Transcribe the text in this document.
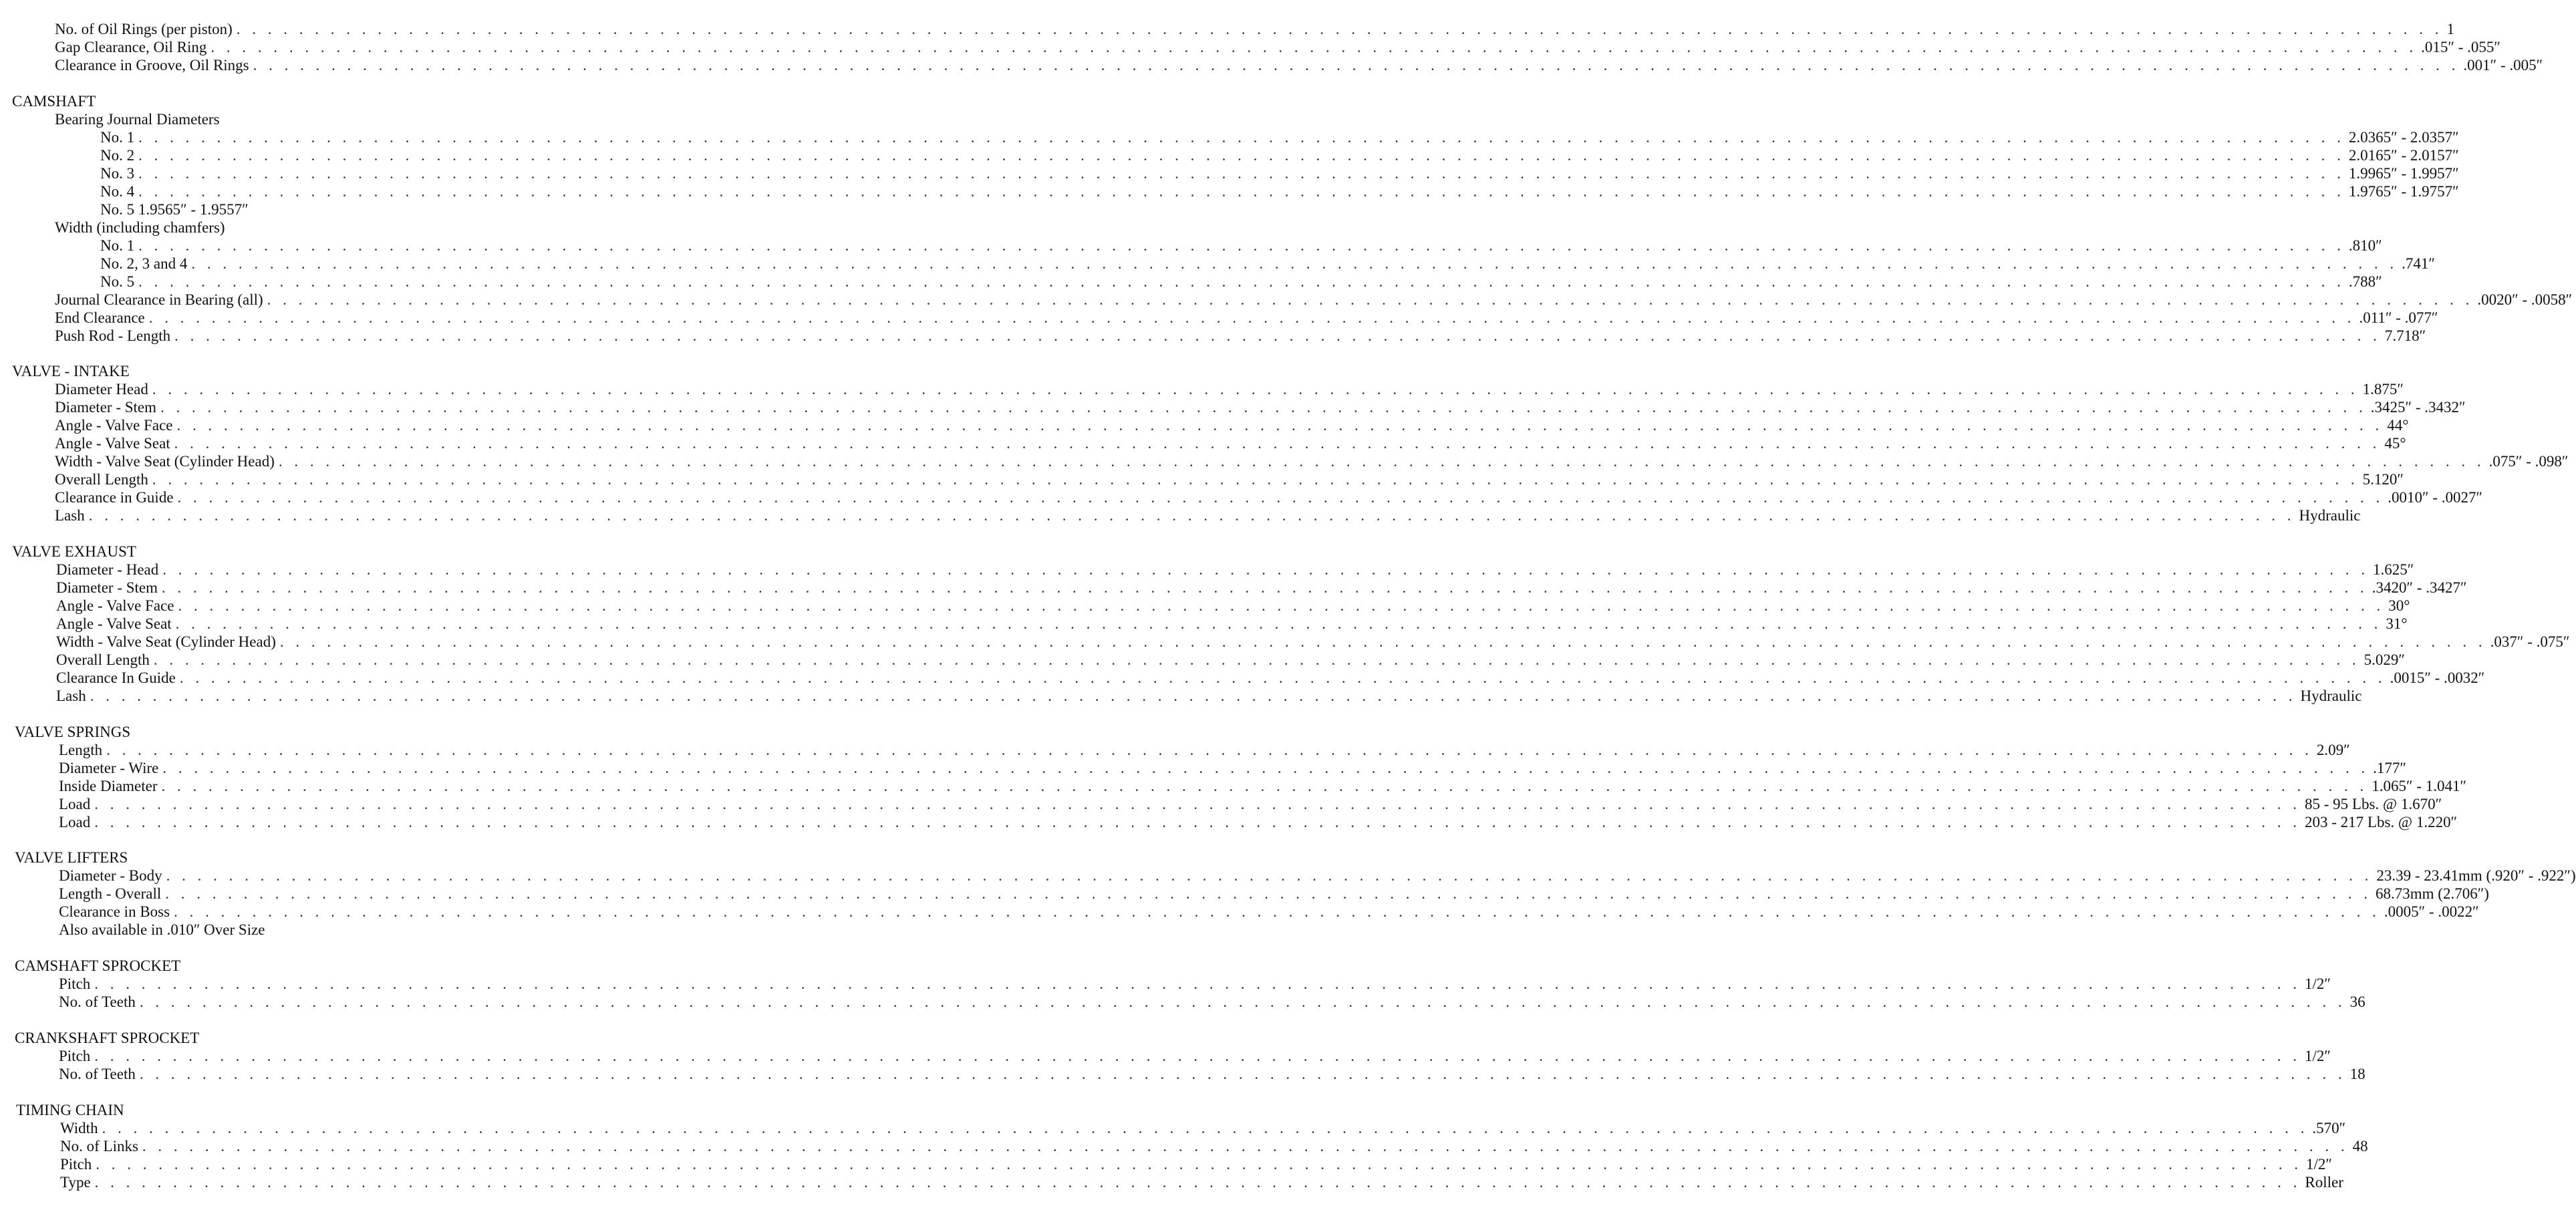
No. of Oil Rings (per piston) . . . . . . . . . . . . . . . . . . . . . . . . . . . . . . . . . . . . . . . . . . . . . . . . . . . . . . . . . . . . . . . . . . . . . . . . . . . . . . . . . . . . . . . . . . . . . . . . . . . . . . . . . . . . . . . . . . . . . . . . . . . . . . . . . . . . . . . . . . . . . 1
Gap Clearance, Oil Ring . . . . . . . . . . . . . . . . . . . . . . . . . . . . . . . . . . . . . . . . . . . . . . . . . . . . . . . . . . . . . . . . . . . . . . . . . . . . . . . . . . . . . . . . . . . . . . . . . . . . . . . . . . . . . . . . . . . . . . . . . . . . . . . . . . . . . . . . . . . . . .015″ - .055″
Clearance in Groove, Oil Rings . . . . . . . . . . . . . . . . . . . . . . . . . . . . . . . . . . . . . . . . . . . . . . . . . . . . . . . . . . . . . . . . . . . . . . . . . . . . . . . . . . . . . . . . . . . . . . . . . . . . . . . . . . . . . . . . . . . . . . . . . . . . . . . . . . . . . . . . . . . . . .001″ - .005″
CAMSHAFT
Bearing Journal Diameters
No. 1 . . . . . . . . . . . . . . . . . . . . . . . . . . . . . . . . . . . . . . . . . . . . . . . . . . . . . . . . . . . . . . . . . . . . . . . . . . . . . . . . . . . . . . . . . . . . . . . . . . . . . . . . . . . . . . . . . . . . . . . . . . . . . . . . . . . . . . . . . . . . . 2.0365″ - 2.0357″
No. 2 . . . . . . . . . . . . . . . . . . . . . . . . . . . . . . . . . . . . . . . . . . . . . . . . . . . . . . . . . . . . . . . . . . . . . . . . . . . . . . . . . . . . . . . . . . . . . . . . . . . . . . . . . . . . . . . . . . . . . . . . . . . . . . . . . . . . . . . . . . . . . 2.0165″ - 2.0157″
No. 3 . . . . . . . . . . . . . . . . . . . . . . . . . . . . . . . . . . . . . . . . . . . . . . . . . . . . . . . . . . . . . . . . . . . . . . . . . . . . . . . . . . . . . . . . . . . . . . . . . . . . . . . . . . . . . . . . . . . . . . . . . . . . . . . . . . . . . . . . . . . . . 1.9965″ - 1.9957″
No. 4 . . . . . . . . . . . . . . . . . . . . . . . . . . . . . . . . . . . . . . . . . . . . . . . . . . . . . . . . . . . . . . . . . . . . . . . . . . . . . . . . . . . . . . . . . . . . . . . . . . . . . . . . . . . . . . . . . . . . . . . . . . . . . . . . . . . . . . . . . . . . . 1.9765″ - 1.9757″
No. 5 1.9565″ - 1.9557″
Width (including chamfers)
No. 1 . . . . . . . . . . . . . . . . . . . . . . . . . . . . . . . . . . . . . . . . . . . . . . . . . . . . . . . . . . . . . . . . . . . . . . . . . . . . . . . . . . . . . . . . . . . . . . . . . . . . . . . . . . . . . . . . . . . . . . . . . . . . . . . . . . . . . . . . . . . . . .810″
No. 2, 3 and 4 . . . . . . . . . . . . . . . . . . . . . . . . . . . . . . . . . . . . . . . . . . . . . . . . . . . . . . . . . . . . . . . . . . . . . . . . . . . . . . . . . . . . . . . . . . . . . . . . . . . . . . . . . . . . . . . . . . . . . . . . . . . . . . . . . . . . . . . . . . . . . .741″
No. 5 . . . . . . . . . . . . . . . . . . . . . . . . . . . . . . . . . . . . . . . . . . . . . . . . . . . . . . . . . . . . . . . . . . . . . . . . . . . . . . . . . . . . . . . . . . . . . . . . . . . . . . . . . . . . . . . . . . . . . . . . . . . . . . . . . . . . . . . . . . . . . .788″
Journal Clearance in Bearing (all) . . . . . . . . . . . . . . . . . . . . . . . . . . . . . . . . . . . . . . . . . . . . . . . . . . . . . . . . . . . . . . . . . . . . . . . . . . . . . . . . . . . . . . . . . . . . . . . . . . . . . . . . . . . . . . . . . . . . . . . . . . . . . . . . . . . . . . . . . . . . . .0020″ - .0058″
End Clearance . . . . . . . . . . . . . . . . . . . . . . . . . . . . . . . . . . . . . . . . . . . . . . . . . . . . . . . . . . . . . . . . . . . . . . . . . . . . . . . . . . . . . . . . . . . . . . . . . . . . . . . . . . . . . . . . . . . . . . . . . . . . . . . . . . . . . . . . . . . . . .011″ - .077″
Push Rod - Length . . . . . . . . . . . . . . . . . . . . . . . . . . . . . . . . . . . . . . . . . . . . . . . . . . . . . . . . . . . . . . . . . . . . . . . . . . . . . . . . . . . . . . . . . . . . . . . . . . . . . . . . . . . . . . . . . . . . . . . . . . . . . . . . . . . . . . . . . . . . . 7.718″
VALVE - INTAKE
Diameter Head . . . . . . . . . . . . . . . . . . . . . . . . . . . . . . . . . . . . . . . . . . . . . . . . . . . . . . . . . . . . . . . . . . . . . . . . . . . . . . . . . . . . . . . . . . . . . . . . . . . . . . . . . . . . . . . . . . . . . . . . . . . . . . . . . . . . . . . . . . . . . 1.875″
Diameter - Stem . . . . . . . . . . . . . . . . . . . . . . . . . . . . . . . . . . . . . . . . . . . . . . . . . . . . . . . . . . . . . . . . . . . . . . . . . . . . . . . . . . . . . . . . . . . . . . . . . . . . . . . . . . . . . . . . . . . . . . . . . . . . . . . . . . . . . . . . . . . . . .3425″ - .3432″
Angle - Valve Face . . . . . . . . . . . . . . . . . . . . . . . . . . . . . . . . . . . . . . . . . . . . . . . . . . . . . . . . . . . . . . . . . . . . . . . . . . . . . . . . . . . . . . . . . . . . . . . . . . . . . . . . . . . . . . . . . . . . . . . . . . . . . . . . . . . . . . . . . . . . . 44°
Angle - Valve Seat . . . . . . . . . . . . . . . . . . . . . . . . . . . . . . . . . . . . . . . . . . . . . . . . . . . . . . . . . . . . . . . . . . . . . . . . . . . . . . . . . . . . . . . . . . . . . . . . . . . . . . . . . . . . . . . . . . . . . . . . . . . . . . . . . . . . . . . . . . . . . 45°
Width - Valve Seat (Cylinder Head) . . . . . . . . . . . . . . . . . . . . . . . . . . . . . . . . . . . . . . . . . . . . . . . . . . . . . . . . . . . . . . . . . . . . . . . . . . . . . . . . . . . . . . . . . . . . . . . . . . . . . . . . . . . . . . . . . . . . . . . . . . . . . . . . . . . . . . . . . . . . . .075″ - .098″
Overall Length . . . . . . . . . . . . . . . . . . . . . . . . . . . . . . . . . . . . . . . . . . . . . . . . . . . . . . . . . . . . . . . . . . . . . . . . . . . . . . . . . . . . . . . . . . . . . . . . . . . . . . . . . . . . . . . . . . . . . . . . . . . . . . . . . . . . . . . . . . . . . 5.120″
Clearance in Guide . . . . . . . . . . . . . . . . . . . . . . . . . . . . . . . . . . . . . . . . . . . . . . . . . . . . . . . . . . . . . . . . . . . . . . . . . . . . . . . . . . . . . . . . . . . . . . . . . . . . . . . . . . . . . . . . . . . . . . . . . . . . . . . . . . . . . . . . . . . . . .0010″ - .0027″
Lash . . . . . . . . . . . . . . . . . . . . . . . . . . . . . . . . . . . . . . . . . . . . . . . . . . . . . . . . . . . . . . . . . . . . . . . . . . . . . . . . . . . . . . . . . . . . . . . . . . . . . . . . . . . . . . . . . . . . . . . . . . . . . . . . . . . . . . . . . . . . . Hydraulic
VALVE EXHAUST
Diameter - Head . . . . . . . . . . . . . . . . . . . . . . . . . . . . . . . . . . . . . . . . . . . . . . . . . . . . . . . . . . . . . . . . . . . . . . . . . . . . . . . . . . . . . . . . . . . . . . . . . . . . . . . . . . . . . . . . . . . . . . . . . . . . . . . . . . . . . . . . . . . . . 1.625″
Diameter - Stem . . . . . . . . . . . . . . . . . . . . . . . . . . . . . . . . . . . . . . . . . . . . . . . . . . . . . . . . . . . . . . . . . . . . . . . . . . . . . . . . . . . . . . . . . . . . . . . . . . . . . . . . . . . . . . . . . . . . . . . . . . . . . . . . . . . . . . . . . . . . . .3420″ - .3427″
Angle - Valve Face . . . . . . . . . . . . . . . . . . . . . . . . . . . . . . . . . . . . . . . . . . . . . . . . . . . . . . . . . . . . . . . . . . . . . . . . . . . . . . . . . . . . . . . . . . . . . . . . . . . . . . . . . . . . . . . . . . . . . . . . . . . . . . . . . . . . . . . . . . . . . 30°
Angle - Valve Seat . . . . . . . . . . . . . . . . . . . . . . . . . . . . . . . . . . . . . . . . . . . . . . . . . . . . . . . . . . . . . . . . . . . . . . . . . . . . . . . . . . . . . . . . . . . . . . . . . . . . . . . . . . . . . . . . . . . . . . . . . . . . . . . . . . . . . . . . . . . . . 31°
Width - Valve Seat (Cylinder Head) . . . . . . . . . . . . . . . . . . . . . . . . . . . . . . . . . . . . . . . . . . . . . . . . . . . . . . . . . . . . . . . . . . . . . . . . . . . . . . . . . . . . . . . . . . . . . . . . . . . . . . . . . . . . . . . . . . . . . . . . . . . . . . . . . . . . . . . . . . . . . .037″ - .075″
Overall Length . . . . . . . . . . . . . . . . . . . . . . . . . . . . . . . . . . . . . . . . . . . . . . . . . . . . . . . . . . . . . . . . . . . . . . . . . . . . . . . . . . . . . . . . . . . . . . . . . . . . . . . . . . . . . . . . . . . . . . . . . . . . . . . . . . . . . . . . . . . . . 5.029″
Clearance In Guide . . . . . . . . . . . . . . . . . . . . . . . . . . . . . . . . . . . . . . . . . . . . . . . . . . . . . . . . . . . . . . . . . . . . . . . . . . . . . . . . . . . . . . . . . . . . . . . . . . . . . . . . . . . . . . . . . . . . . . . . . . . . . . . . . . . . . . . . . . . . . .0015″ - .0032″
Lash . . . . . . . . . . . . . . . . . . . . . . . . . . . . . . . . . . . . . . . . . . . . . . . . . . . . . . . . . . . . . . . . . . . . . . . . . . . . . . . . . . . . . . . . . . . . . . . . . . . . . . . . . . . . . . . . . . . . . . . . . . . . . . . . . . . . . . . . . . . . . Hydraulic
VALVE SPRINGS
Length . . . . . . . . . . . . . . . . . . . . . . . . . . . . . . . . . . . . . . . . . . . . . . . . . . . . . . . . . . . . . . . . . . . . . . . . . . . . . . . . . . . . . . . . . . . . . . . . . . . . . . . . . . . . . . . . . . . . . . . . . . . . . . . . . . . . . . . . . . . . . 2.09″
Diameter - Wire . . . . . . . . . . . . . . . . . . . . . . . . . . . . . . . . . . . . . . . . . . . . . . . . . . . . . . . . . . . . . . . . . . . . . . . . . . . . . . . . . . . . . . . . . . . . . . . . . . . . . . . . . . . . . . . . . . . . . . . . . . . . . . . . . . . . . . . . . . . . . .177″
Inside Diameter . . . . . . . . . . . . . . . . . . . . . . . . . . . . . . . . . . . . . . . . . . . . . . . . . . . . . . . . . . . . . . . . . . . . . . . . . . . . . . . . . . . . . . . . . . . . . . . . . . . . . . . . . . . . . . . . . . . . . . . . . . . . . . . . . . . . . . . . . . . . . 1.065″ - 1.041″
Load . . . . . . . . . . . . . . . . . . . . . . . . . . . . . . . . . . . . . . . . . . . . . . . . . . . . . . . . . . . . . . . . . . . . . . . . . . . . . . . . . . . . . . . . . . . . . . . . . . . . . . . . . . . . . . . . . . . . . . . . . . . . . . . . . . . . . . . . . . . . . 85 - 95 Lbs. @ 1.670″
Load . . . . . . . . . . . . . . . . . . . . . . . . . . . . . . . . . . . . . . . . . . . . . . . . . . . . . . . . . . . . . . . . . . . . . . . . . . . . . . . . . . . . . . . . . . . . . . . . . . . . . . . . . . . . . . . . . . . . . . . . . . . . . . . . . . . . . . . . . . . . . 203 - 217 Lbs. @ 1.220″
VALVE LIFTERS
Diameter - Body . . . . . . . . . . . . . . . . . . . . . . . . . . . . . . . . . . . . . . . . . . . . . . . . . . . . . . . . . . . . . . . . . . . . . . . . . . . . . . . . . . . . . . . . . . . . . . . . . . . . . . . . . . . . . . . . . . . . . . . . . . . . . . . . . . . . . . . . . . . . . 23.39 - 23.41mm (.920″ - .922″)
Length - Overall . . . . . . . . . . . . . . . . . . . . . . . . . . . . . . . . . . . . . . . . . . . . . . . . . . . . . . . . . . . . . . . . . . . . . . . . . . . . . . . . . . . . . . . . . . . . . . . . . . . . . . . . . . . . . . . . . . . . . . . . . . . . . . . . . . . . . . . . . . . . . 68.73mm (2.706″)
Clearance in Boss . . . . . . . . . . . . . . . . . . . . . . . . . . . . . . . . . . . . . . . . . . . . . . . . . . . . . . . . . . . . . . . . . . . . . . . . . . . . . . . . . . . . . . . . . . . . . . . . . . . . . . . . . . . . . . . . . . . . . . . . . . . . . . . . . . . . . . . . . . . . . .0005″ - .0022″
Also available in .010″ Over Size
CAMSHAFT SPROCKET
Pitch . . . . . . . . . . . . . . . . . . . . . . . . . . . . . . . . . . . . . . . . . . . . . . . . . . . . . . . . . . . . . . . . . . . . . . . . . . . . . . . . . . . . . . . . . . . . . . . . . . . . . . . . . . . . . . . . . . . . . . . . . . . . . . . . . . . . . . . . . . . . . 1/2″
No. of Teeth . . . . . . . . . . . . . . . . . . . . . . . . . . . . . . . . . . . . . . . . . . . . . . . . . . . . . . . . . . . . . . . . . . . . . . . . . . . . . . . . . . . . . . . . . . . . . . . . . . . . . . . . . . . . . . . . . . . . . . . . . . . . . . . . . . . . . . . . . . . . . 36
CRANKSHAFT SPROCKET
Pitch . . . . . . . . . . . . . . . . . . . . . . . . . . . . . . . . . . . . . . . . . . . . . . . . . . . . . . . . . . . . . . . . . . . . . . . . . . . . . . . . . . . . . . . . . . . . . . . . . . . . . . . . . . . . . . . . . . . . . . . . . . . . . . . . . . . . . . . . . . . . . 1/2″
No. of Teeth . . . . . . . . . . . . . . . . . . . . . . . . . . . . . . . . . . . . . . . . . . . . . . . . . . . . . . . . . . . . . . . . . . . . . . . . . . . . . . . . . . . . . . . . . . . . . . . . . . . . . . . . . . . . . . . . . . . . . . . . . . . . . . . . . . . . . . . . . . . . . 18
TIMING CHAIN
Width . . . . . . . . . . . . . . . . . . . . . . . . . . . . . . . . . . . . . . . . . . . . . . . . . . . . . . . . . . . . . . . . . . . . . . . . . . . . . . . . . . . . . . . . . . . . . . . . . . . . . . . . . . . . . . . . . . . . . . . . . . . . . . . . . . . . . . . . . . . . . .570″
No. of Links . . . . . . . . . . . . . . . . . . . . . . . . . . . . . . . . . . . . . . . . . . . . . . . . . . . . . . . . . . . . . . . . . . . . . . . . . . . . . . . . . . . . . . . . . . . . . . . . . . . . . . . . . . . . . . . . . . . . . . . . . . . . . . . . . . . . . . . . . . . . . 48
Pitch . . . . . . . . . . . . . . . . . . . . . . . . . . . . . . . . . . . . . . . . . . . . . . . . . . . . . . . . . . . . . . . . . . . . . . . . . . . . . . . . . . . . . . . . . . . . . . . . . . . . . . . . . . . . . . . . . . . . . . . . . . . . . . . . . . . . . . . . . . . . . 1/2″
Type . . . . . . . . . . . . . . . . . . . . . . . . . . . . . . . . . . . . . . . . . . . . . . . . . . . . . . . . . . . . . . . . . . . . . . . . . . . . . . . . . . . . . . . . . . . . . . . . . . . . . . . . . . . . . . . . . . . . . . . . . . . . . . . . . . . . . . . . . . . . . Roller
